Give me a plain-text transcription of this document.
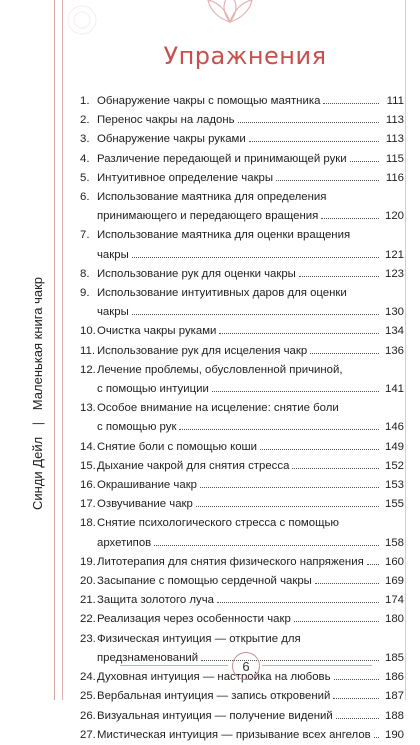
Синди Дейл | Маленькая книга чакр
Упражнения
1. Обнаружение чакры с помощью маятника	111
2. Перенос чакры на ладонь	113
3. Обнаружение чакры руками	113
4. Различение передающей и принимающей руки	115
5. Интуитивное определение чакры	116
6. Использование маятника для определения
принимающего и передающего вращения	120
7. Использование маятника для оценки вращения
чакры	121
8. Использование рук для оценки чакры	123
9. Использование интуитивных даров для оценки
чакры	130
10. Очистка чакры руками	134
11. Использование рук для исцеления чакр	136
12. Лечение проблемы, обусловленной причиной,
с помощью интуиции	141
13. Особое внимание на исцеление: снятие боли
с помощью рук	146
14. Снятие боли с помощью коши	149
15. Дыхание чакрой для снятия стресса	152
16. Окрашивание чакр	153
17. Озвучивание чакр	155
18. Снятие психологического стресса с помощью
архетипов	158
19. Литотерапия для снятия физического напряжения 160
20. Засыпание с помощью сердечной чакры	169
21. Защита золотого луча	174
22. Реализация через особенности чакр	180
23. Физическая интуиция — открытие для
предзнаменований	185
24. Духовная интуиция — настройка на любовь	186
25. Вербальная интуиция — запись откровений	187
26. Визуальная интуиция — получение видений	188
27. Мистическая интуиция — призывание всех ангелов 190
6
